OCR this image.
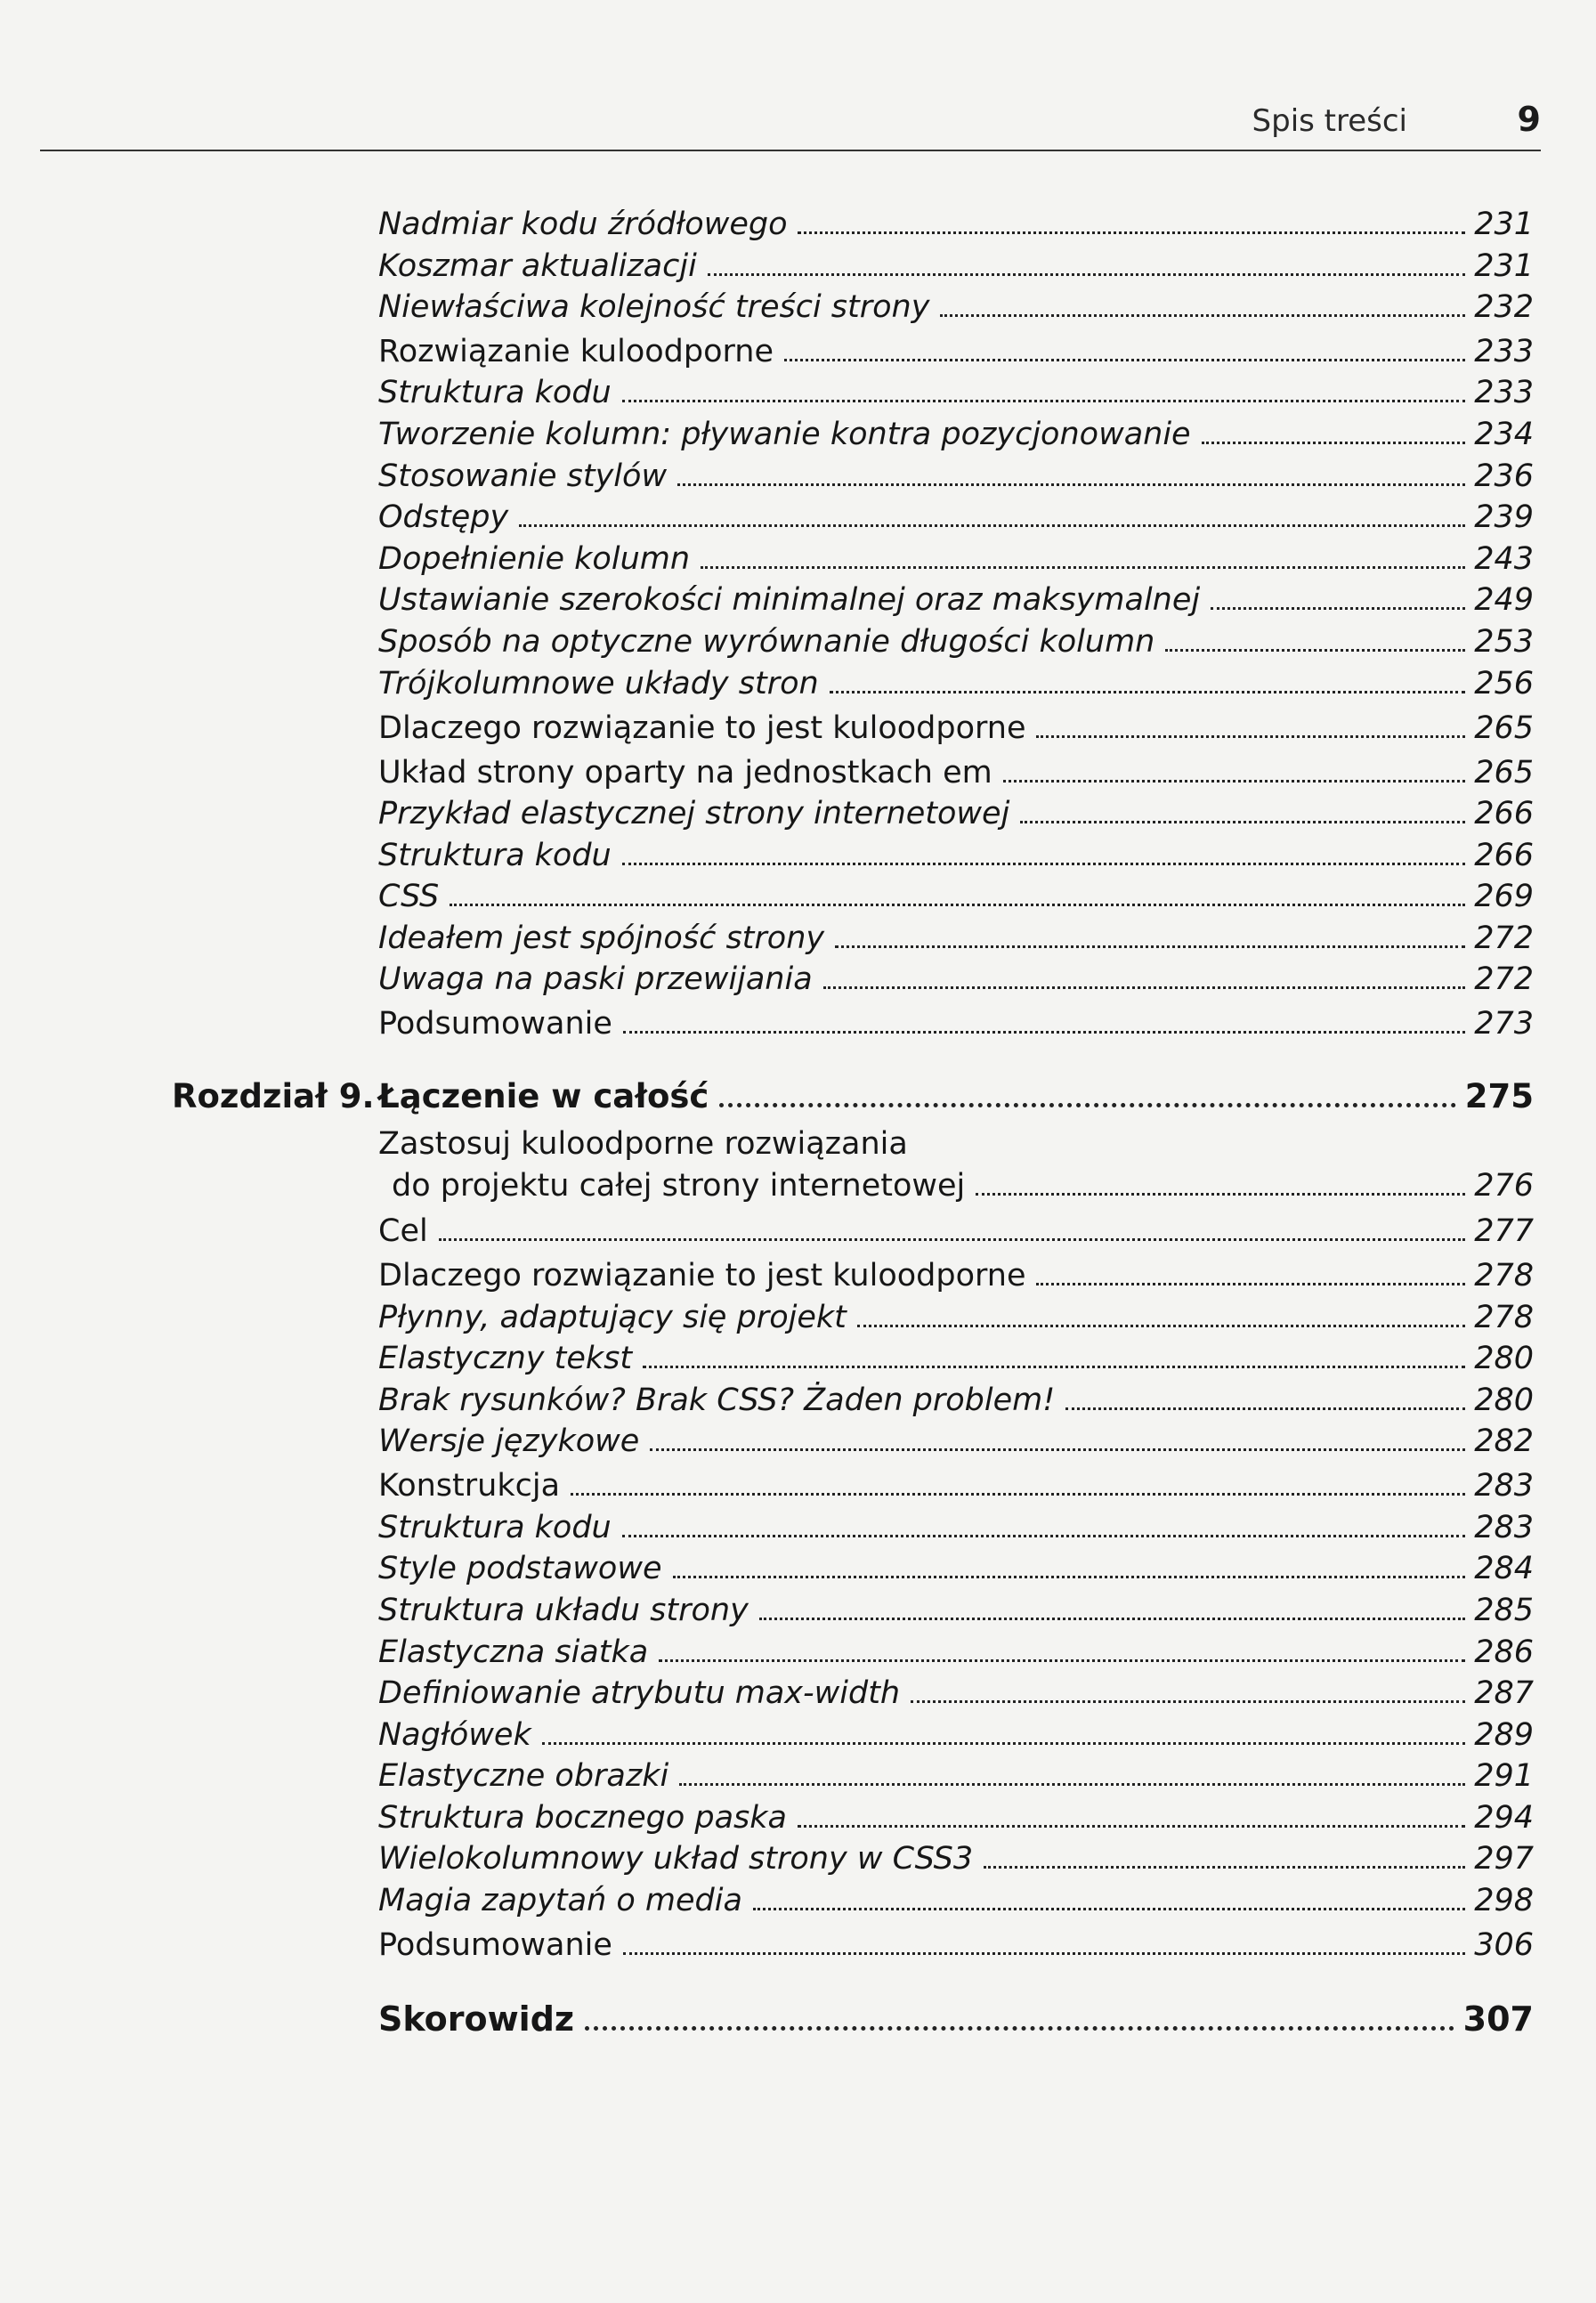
Spis treści	9
Nadmiar kodu źródłowego	231
Koszmar aktualizacji	231
Niewłaściwa kolejność treści strony	232
Rozwiązanie kuloodporne	233
Struktura kodu	233
Tworzenie kolumn: pływanie kontra pozycjonowanie	234
Stosowanie stylów	236
Odstępy	239
Dopełnienie kolumn	243
Ustawianie szerokości minimalnej oraz maksymalnej	249
Sposób na optyczne wyrównanie długości kolumn	253
Trójkolumnowe układy stron	256
Dlaczego rozwiązanie to jest kuloodporne	265
Układ strony oparty na jednostkach em	265
Przykład elastycznej strony internetowej	266
Struktura kodu	266
CSS	269
Ideałem jest spójność strony	272
Uwaga na paski przewijania	272
Podsumowanie	273
Rozdział 9. Łączenie w całość	275
Zastosuj kuloodporne rozwiązania
do projektu całej strony internetowej	276
Cel	277
Dlaczego rozwiązanie to jest kuloodporne	278
Płynny, adaptujący się projekt	278
Elastyczny tekst	280
Brak rysunków? Brak CSS? Żaden problem!	280
Wersje językowe	282
Konstrukcja	283
Struktura kodu	283
Style podstawowe	284
Struktura układu strony	285
Elastyczna siatka	286
Definiowanie atrybutu max-width	287
Nagłówek	289
Elastyczne obrazki	291
Struktura bocznego paska	294
Wielokolumnowy układ strony w CSS3	297
Magia zapytań o media	298
Podsumowanie	306
Skorowidz	307
